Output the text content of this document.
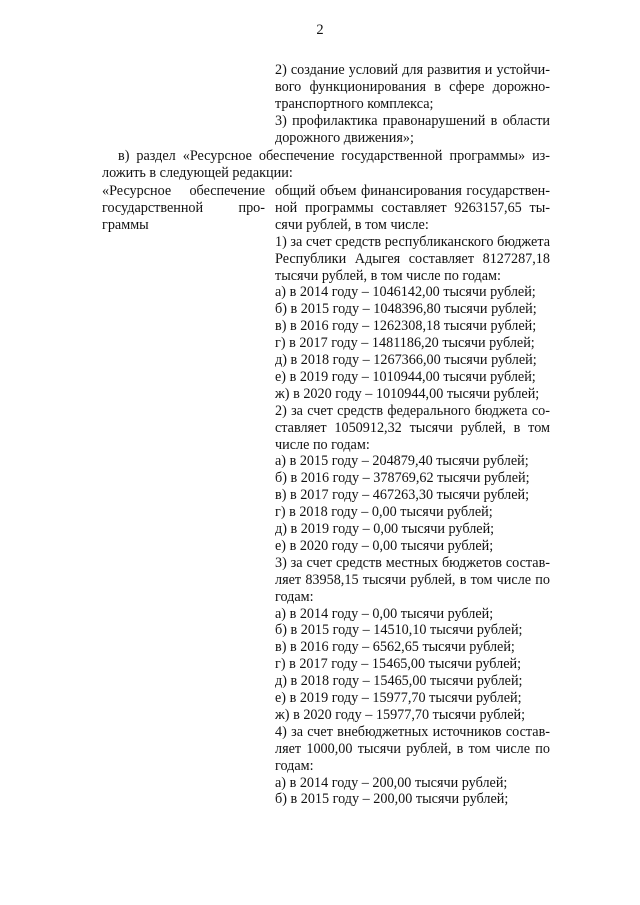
2
2) создание условий для развития и устойчи-
вого функционирования в сфере дорожно-
транспортного комплекса;
3) профилактика правонарушений в области
дорожного движения»;
в) раздел «Ресурсное обеспечение государственной программы» из-
ложить в следующей редакции:
«Ресурсное обеспечение
государственной про-
граммы
общий объем финансирования государствен-
ной программы составляет 9263157,65 ты-
сячи рублей, в том числе:
1) за счет средств республиканского бюджета
Республики Адыгея составляет 8127287,18
тысячи рублей, в том числе по годам:
а) в 2014 году – 1046142,00 тысячи рублей;
б) в 2015 году – 1048396,80 тысячи рублей;
в) в 2016 году – 1262308,18 тысячи рублей;
г) в 2017 году – 1481186,20 тысячи рублей;
д) в 2018 году – 1267366,00 тысячи рублей;
е) в 2019 году – 1010944,00 тысячи рублей;
ж) в 2020 году – 1010944,00 тысячи рублей;
2) за счет средств федерального бюджета со-
ставляет 1050912,32 тысячи рублей, в том
числе по годам:
а) в 2015 году – 204879,40 тысячи рублей;
б) в 2016 году – 378769,62 тысячи рублей;
в) в 2017 году – 467263,30 тысячи рублей;
г) в 2018 году – 0,00 тысячи рублей;
д) в 2019 году – 0,00 тысячи рублей;
е) в 2020 году – 0,00 тысячи рублей;
3) за счет средств местных бюджетов состав-
ляет 83958,15 тысячи рублей, в том числе по
годам:
а) в 2014 году – 0,00 тысячи рублей;
б) в 2015 году – 14510,10 тысячи рублей;
в) в 2016 году – 6562,65 тысячи рублей;
г) в 2017 году – 15465,00 тысячи рублей;
д) в 2018 году – 15465,00 тысячи рублей;
е) в 2019 году – 15977,70 тысячи рублей;
ж) в 2020 году – 15977,70 тысячи рублей;
4) за счет внебюджетных источников состав-
ляет 1000,00 тысячи рублей, в том числе по
годам:
а) в 2014 году – 200,00 тысячи рублей;
б) в 2015 году – 200,00 тысячи рублей;
